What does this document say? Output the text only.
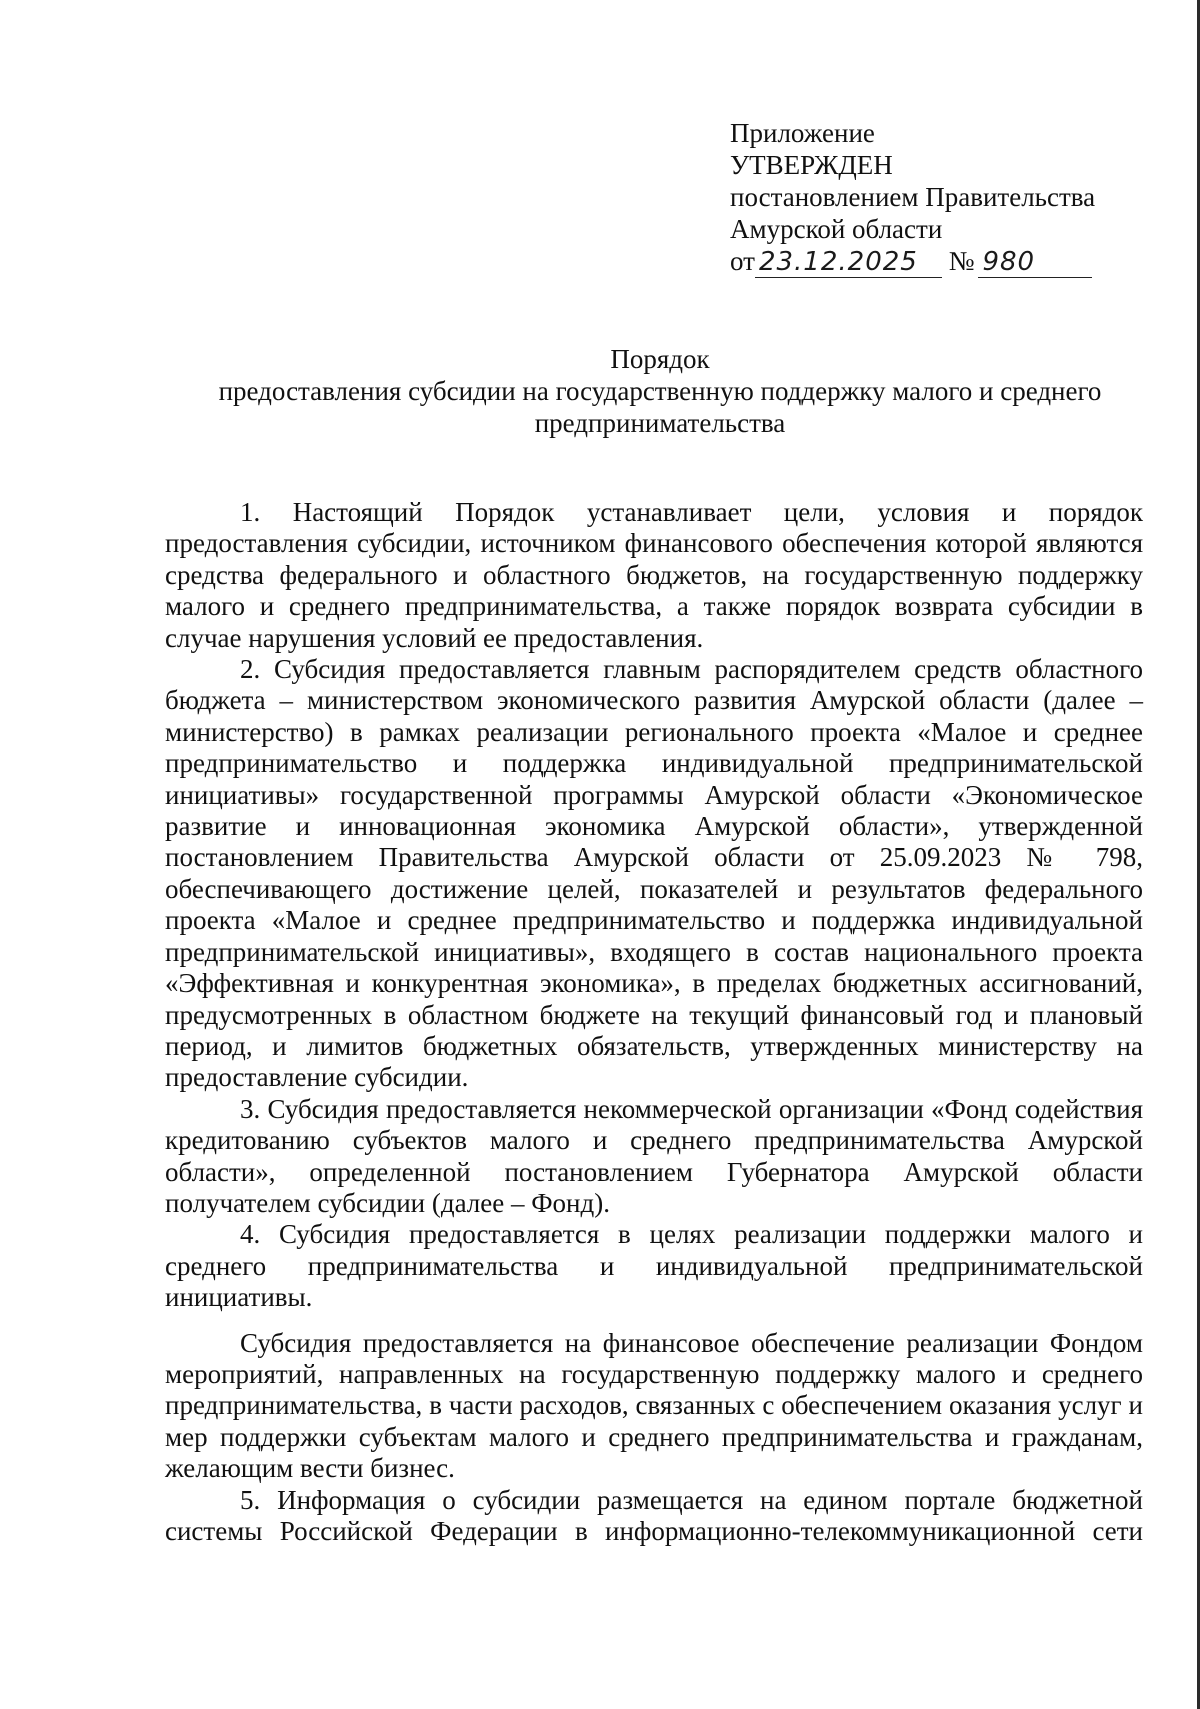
Приложение
УТВЕРЖДЕН
постановлением Правительства
Амурской области
от 23.12.2025 № 980
Порядок
предоставления субсидии на государственную поддержку малого и среднего предпринимательства

1. Настоящий Порядок устанавливает цели, условия и порядок предоставления субсидии, источником финансового обеспечения которой являются средства федерального и областного бюджетов, на государственную поддержку малого и среднего предпринимательства, а также порядок возврата субсидии в случае нарушения условий ее предоставления.

2. Субсидия предоставляется главным распорядителем средств областного бюджета – министерством экономического развития Амурской области (далее – министерство) в рамках реализации регионального проекта «Малое и среднее предпринимательство и поддержка индивидуальной предпринимательской инициативы» государственной программы Амурской области «Экономическое развитие и инновационная экономика Амурской области», утвержденной постановлением Правительства Амурской области от 25.09.2023 № 798, обеспечивающего достижение целей, показателей и результатов федерального проекта «Малое и среднее предпринимательство и поддержка индивидуальной предпринимательской инициативы», входящего в состав национального проекта «Эффективная и конкурентная экономика», в пределах бюджетных ассигнований, предусмотренных в областном бюджете на текущий финансовый год и плановый период, и лимитов бюджетных обязательств, утвержденных министерству на предоставление субсидии.

3. Субсидия предоставляется некоммерческой организации «Фонд содействия кредитованию субъектов малого и среднего предпринимательства Амурской области», определенной постановлением Губернатора Амурской области получателем субсидии (далее – Фонд).

4. Субсидия предоставляется в целях реализации поддержки малого и среднего предпринимательства и индивидуальной предпринимательской инициативы.

Субсидия предоставляется на финансовое обеспечение реализации Фондом мероприятий, направленных на государственную поддержку малого и среднего предпринимательства, в части расходов, связанных с обеспечением оказания услуг и мер поддержки субъектам малого и среднего предпринимательства и гражданам, желающим вести бизнес.

5. Информация о субсидии размещается на едином портале бюджетной системы Российской Федерации в информационно-телекоммуникационной сети
